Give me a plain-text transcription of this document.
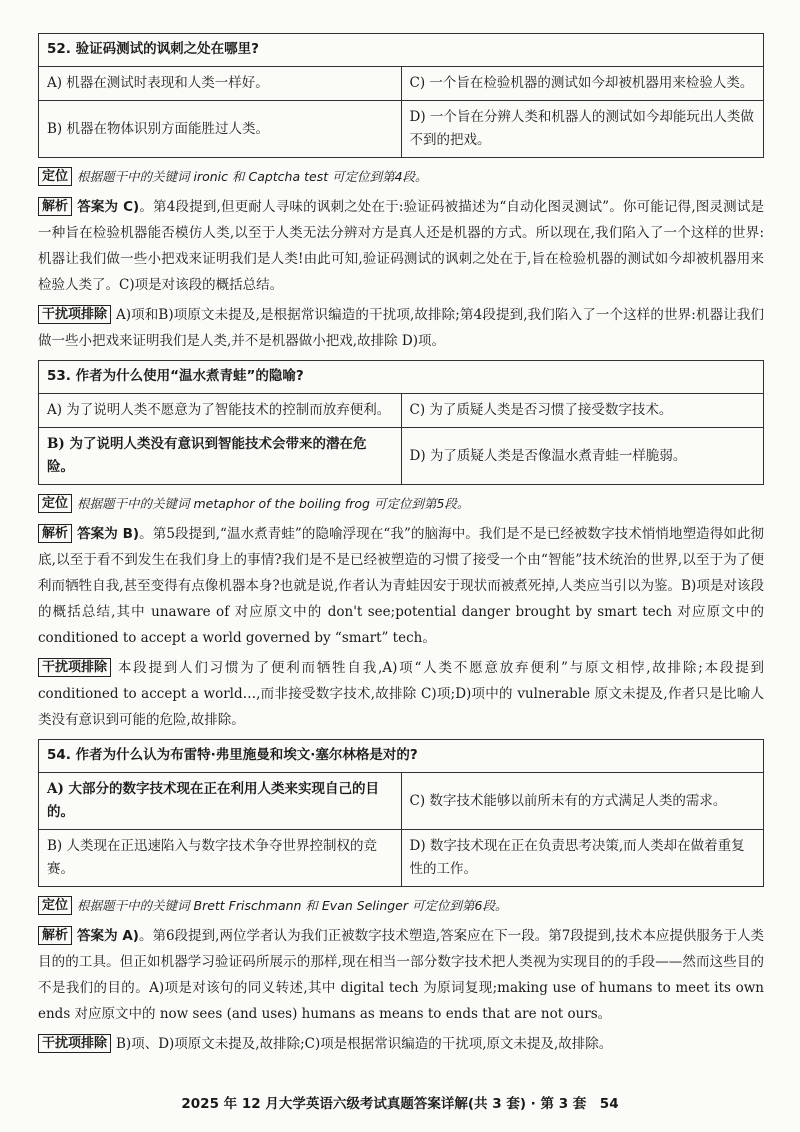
52. 验证码测试的讽刺之处在哪里?	
A) 机器在测试时表现和人类一样好。	C) 一个旨在检验机器的测试如今却被机器用来检验人类。
B) 机器在物体识别方面能胜过人类。	D) 一个旨在分辨人类和机器人的测试如今却能玩出人类做不到的把戏。

定位 根据题干中的关键词 ironic 和 Captcha test 可定位到第4段。

解析 答案为 C)。第4段提到,但更耐人寻味的讽刺之处在于:验证码被描述为“自动化图灵测试”。你可能记得,图灵测试是一种旨在检验机器能否模仿人类,以至于人类无法分辨对方是真人还是机器的方式。所以现在,我们陷入了一个这样的世界:机器让我们做一些小把戏来证明我们是人类!由此可知,验证码测试的讽刺之处在于,旨在检验机器的测试如今却被机器用来检验人类了。C)项是对该段的概括总结。

干扰项排除 A)项和B)项原文未提及,是根据常识编造的干扰项,故排除;第4段提到,我们陷入了一个这样的世界:机器让我们做一些小把戏来证明我们是人类,并不是机器做小把戏,故排除 D)项。

53. 作者为什么使用“温水煮青蛙”的隐喻?	
A) 为了说明人类不愿意为了智能技术的控制而放弃便利。	C) 为了质疑人类是否习惯了接受数字技术。
B) 为了说明人类没有意识到智能技术会带来的潜在危险。	D) 为了质疑人类是否像温水煮青蛙一样脆弱。

定位 根据题干中的关键词 metaphor of the boiling frog 可定位到第5段。

解析 答案为 B)。第5段提到,“温水煮青蛙”的隐喻浮现在“我”的脑海中。我们是不是已经被数字技术悄悄地塑造得如此彻底,以至于看不到发生在我们身上的事情?我们是不是已经被塑造的习惯了接受一个由“智能”技术统治的世界,以至于为了便利而牺牲自我,甚至变得有点像机器本身?也就是说,作者认为青蛙因安于现状而被煮死掉,人类应当引以为鉴。B)项是对该段的概括总结,其中 unaware of 对应原文中的 don't see;potential danger brought by smart tech 对应原文中的 conditioned to accept a world governed by “smart” tech。

干扰项排除 本段提到人们习惯为了便利而牺牲自我,A)项“人类不愿意放弃便利”与原文相悖,故排除;本段提到 conditioned to accept a world…,而非接受数字技术,故排除 C)项;D)项中的 vulnerable 原文未提及,作者只是比喻人类没有意识到可能的危险,故排除。

54. 作者为什么认为布雷特·弗里施曼和埃文·塞尔林格是对的?	
A) 大部分的数字技术现在正在利用人类来实现自己的目的。	C) 数字技术能够以前所未有的方式满足人类的需求。
B) 人类现在正迅速陷入与数字技术争夺世界控制权的竞赛。	D) 数字技术现在正在负责思考决策,而人类却在做着重复性的工作。

定位 根据题干中的关键词 Brett Frischmann 和 Evan Selinger 可定位到第6段。

解析 答案为 A)。第6段提到,两位学者认为我们正被数字技术塑造,答案应在下一段。第7段提到,技术本应提供服务于人类目的的工具。但正如机器学习验证码所展示的那样,现在相当一部分数字技术把人类视为实现目的的手段——然而这些目的不是我们的目的。A)项是对该句的同义转述,其中 digital tech 为原词复现;making use of humans to meet its own ends 对应原文中的 now sees (and uses) humans as means to ends that are not ours。

干扰项排除 B)项、D)项原文未提及,故排除;C)项是根据常识编造的干扰项,原文未提及,故排除。

2025 年 12 月大学英语六级考试真题答案详解(共 3 套) · 第 3 套　54
